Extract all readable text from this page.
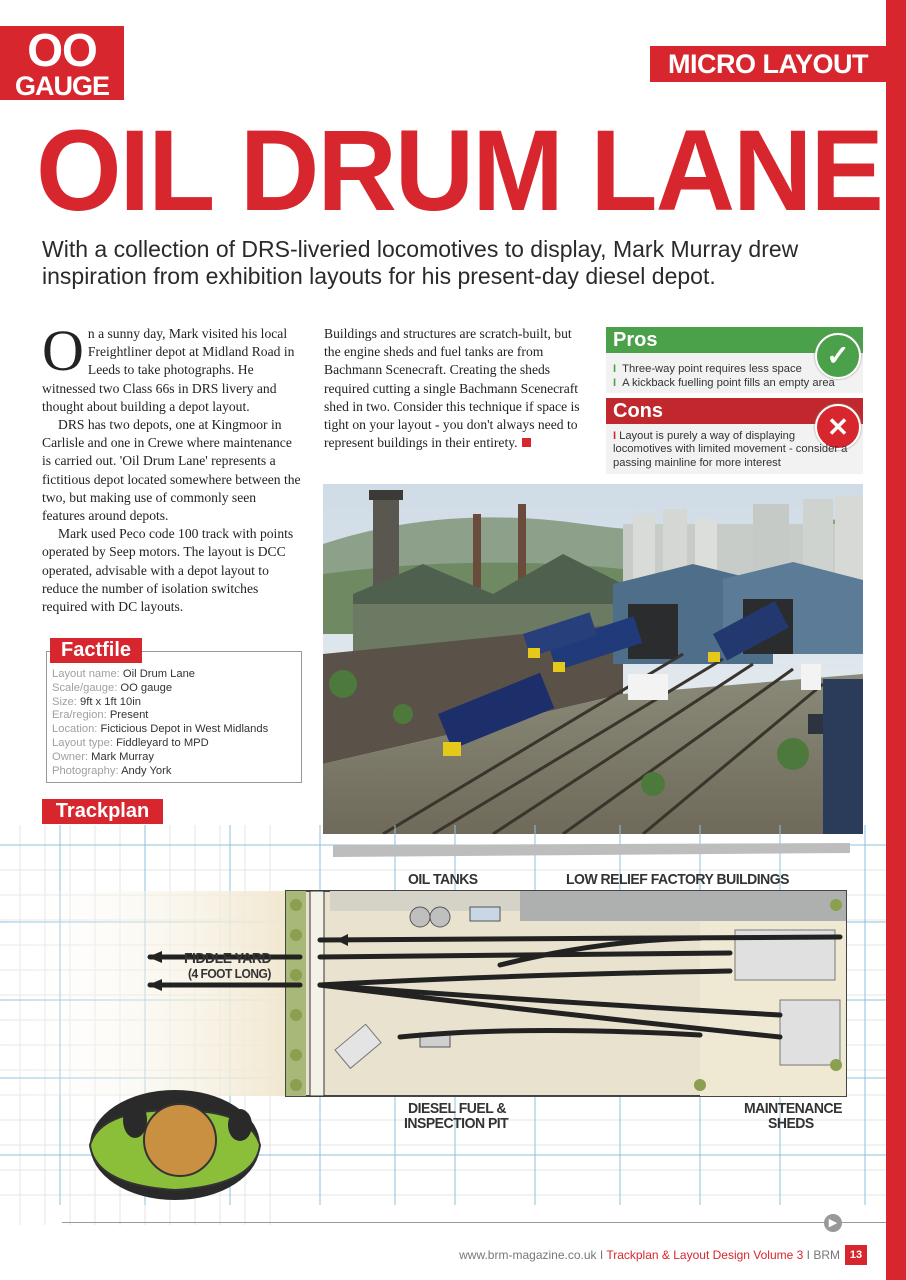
OO
GAUGE
MICRO LAYOUT
OIL DRUM LANE
With a collection of DRS-liveried locomotives to display, Mark Murray drew inspiration from exhibition layouts for his present-day diesel depot.

On a sunny day, Mark visited his local Freightliner depot at Midland Road in Leeds to take photographs. He witnessed two Class 66s in DRS livery and thought about building a depot layout.

DRS has two depots, one at Kingmoor in Carlisle and one in Crewe where maintenance is carried out. 'Oil Drum Lane' represents a fictitious depot located somewhere between the two, but making use of commonly seen features around depots.

Mark used Peco code 100 track with points operated by Seep motors. The layout is DCC operated, advisable with a depot layout to reduce the number of isolation switches required with DC layouts.

Buildings and structures are scratch-built, but the engine sheds and fuel tanks are from Bachmann Scenecraft. Creating the sheds required cutting a single Bachmann Scenecraft shed in two. Consider this technique if space is tight on your layout - you don't always need to represent buildings in their entirety.

Pros	✓
I Three-way point requires less space
I A kickback fuelling point fills an empty area
Cons
✕
I Layout is purely a way of displaying locomotives with limited movement - consider a passing mainline for more interest
Factfile
Layout name: Oil Drum Lane
Scale/gauge: OO gauge
Size: 9ft x 1ft 10in
Era/region: Present
Location: Ficticious Depot in West Midlands
Layout type: Fiddleyard to MPD
Owner: Mark Murray
Photography: Andy York
Trackplan
OIL TANKS	LOW RELIEF FACTORY BUILDINGS
FIDDLE YARD
(4 FOOT LONG)
DIESEL FUEL &
INSPECTION PIT
MAINTENANCE
SHEDS
▶
www.brm-magazine.co.uk I Trackplan & Layout Design Volume 3 I BRM 13
